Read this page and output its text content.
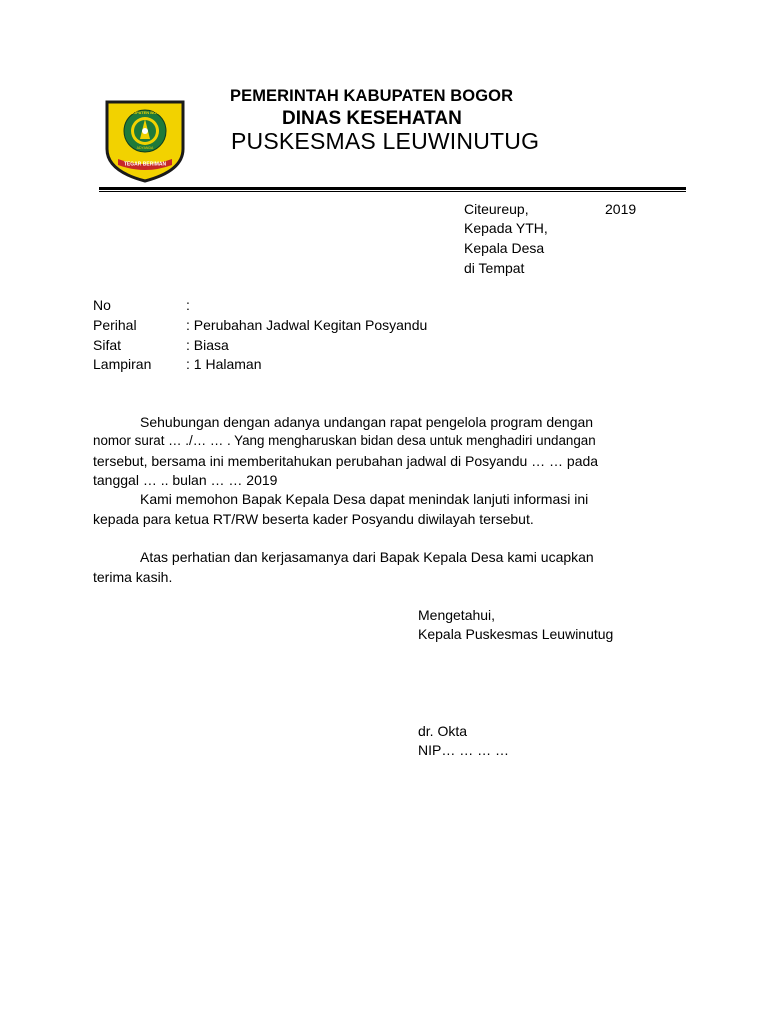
KABUPATEN BOGOR
ADYANDA
TEGAR BERIMAN
PEMERINTAH KABUPATEN BOGOR
DINAS KESEHATAN
PUSKESMAS LEUWINUTUG
Citeureup,	2019
Kepada YTH,
Kepala Desa
di Tempat
No	:
Perihal	: Perubahan Jadwal Kegitan Posyandu
Sifat	: Biasa
Lampiran : 1 Halaman
Sehubungan dengan adanya undangan rapat pengelola program dengan
nomor surat … ./… … . Yang mengharuskan bidan desa untuk menghadiri undangan
tersebut, bersama ini memberitahukan perubahan jadwal di Posyandu … … pada
tanggal … .. bulan … … 2019
Kami memohon Bapak Kepala Desa dapat menindak lanjuti informasi ini
kepada para ketua RT/RW beserta kader Posyandu diwilayah tersebut.
Atas perhatian dan kerjasamanya dari Bapak Kepala Desa kami ucapkan
terima kasih.
Mengetahui,
Kepala Puskesmas Leuwinutug
dr. Okta
NIP… … … …
